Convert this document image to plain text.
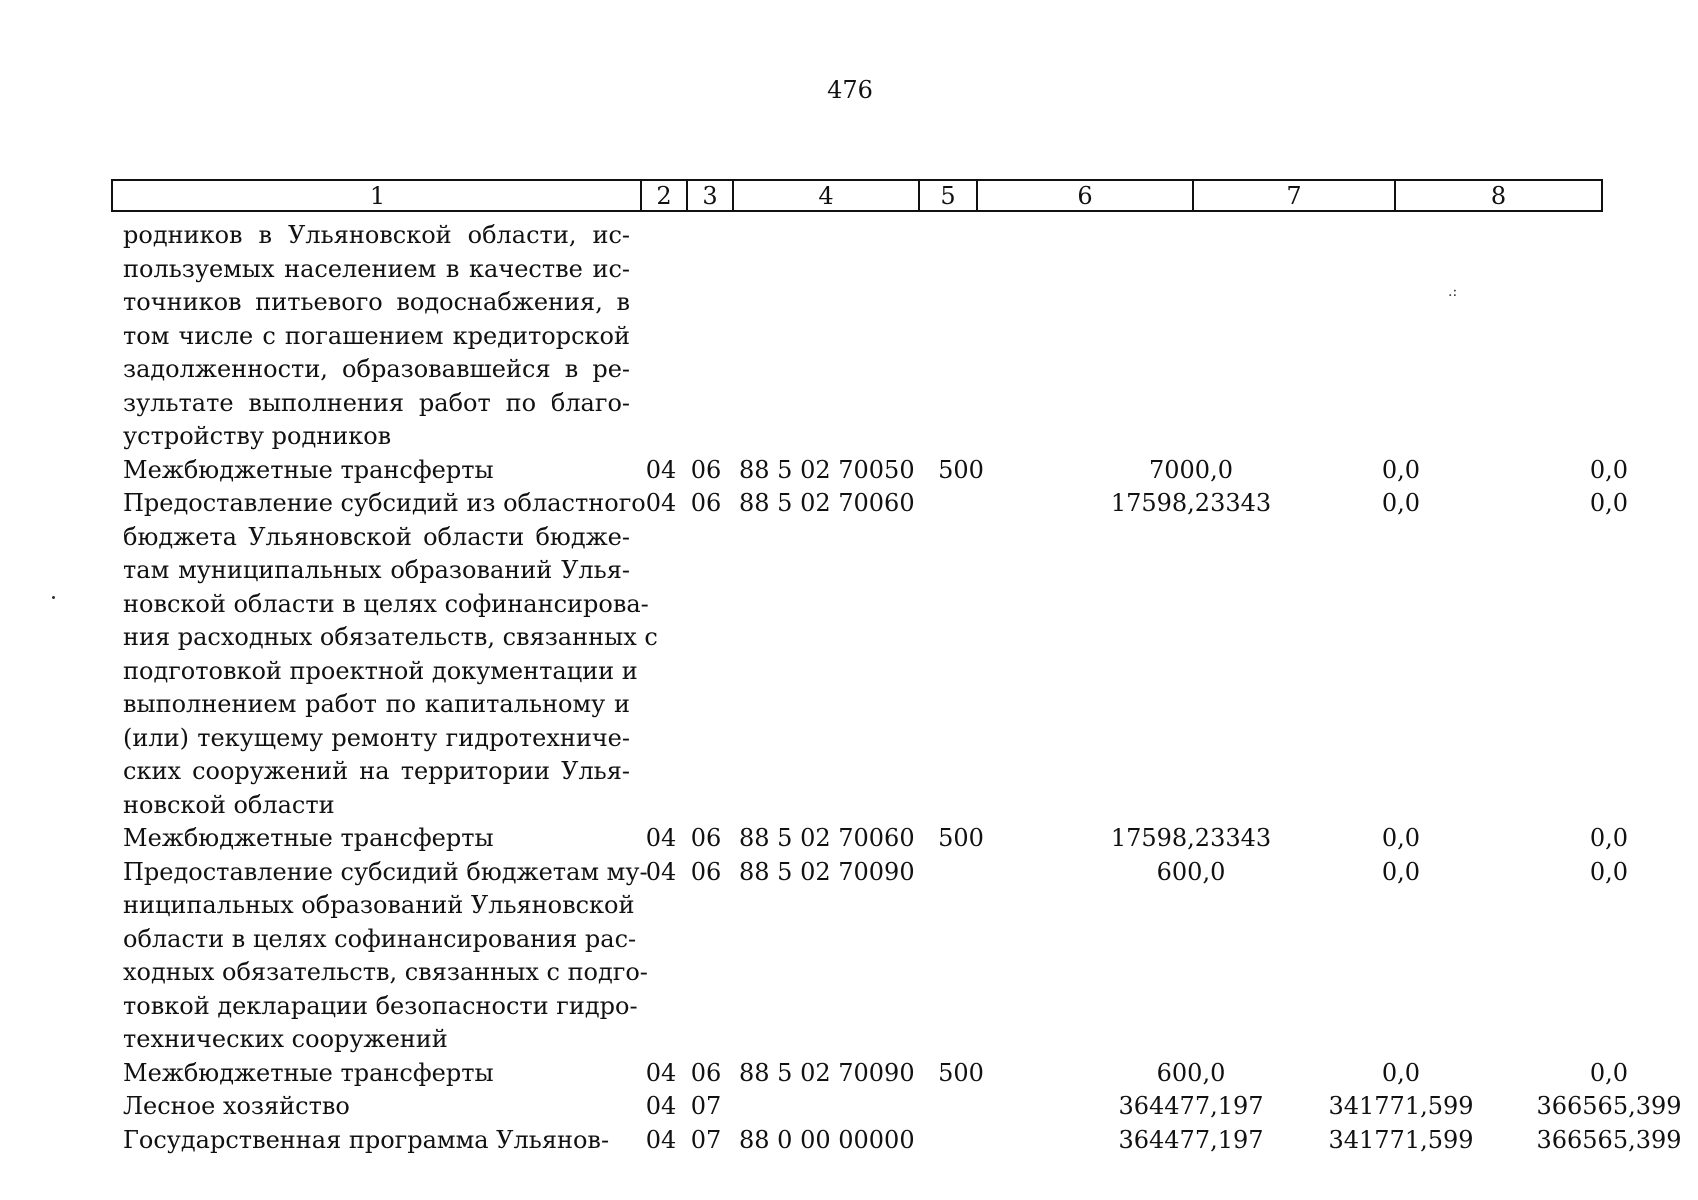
476
1	2	3	4	5	6	7	8
родников в Ульяновской области, ис-
пользуемых населением в качестве ис-
точников питьевого водоснабжения, в
том числе с погашением кредиторской
задолженности, образовавшейся в ре-
зультате выполнения работ по благо-
устройству родников
Межбюджетные трансферты	04 06 88 5 02 70050 500	7000,0	0,0	0,0
Предоставление субсидий из областного
бюджета Ульяновской области бюдже-
там муниципальных образований Улья-
новской области в целях софинансирова-
ния расходных обязательств, связанных с
подготовкой проектной документации и
выполнением работ по капитальному и
(или) текущему ремонту гидротехниче-
ских сооружений на территории Улья-
новской области
04 06 88 5 02 70060	17598,23343	0,0	0,0
Межбюджетные трансферты	04 06 88 5 02 70060 500	17598,23343	0,0	0,0
Предоставление субсидий бюджетам му-
ниципальных образований Ульяновской
области в целях софинансирования рас-
ходных обязательств, связанных с подго-
товкой декларации безопасности гидро-
технических сооружений
04 06 88 5 02 70090	600,0	0,0	0,0
Межбюджетные трансферты	04 06 88 5 02 70090 500	600,0	0,0	0,0
Лесное хозяйство	04 07	364477,197	341771,599	366565,399
Государственная программа Ульянов-	04 07 88 0 00 00000	364477,197	341771,599	366565,399
.:
